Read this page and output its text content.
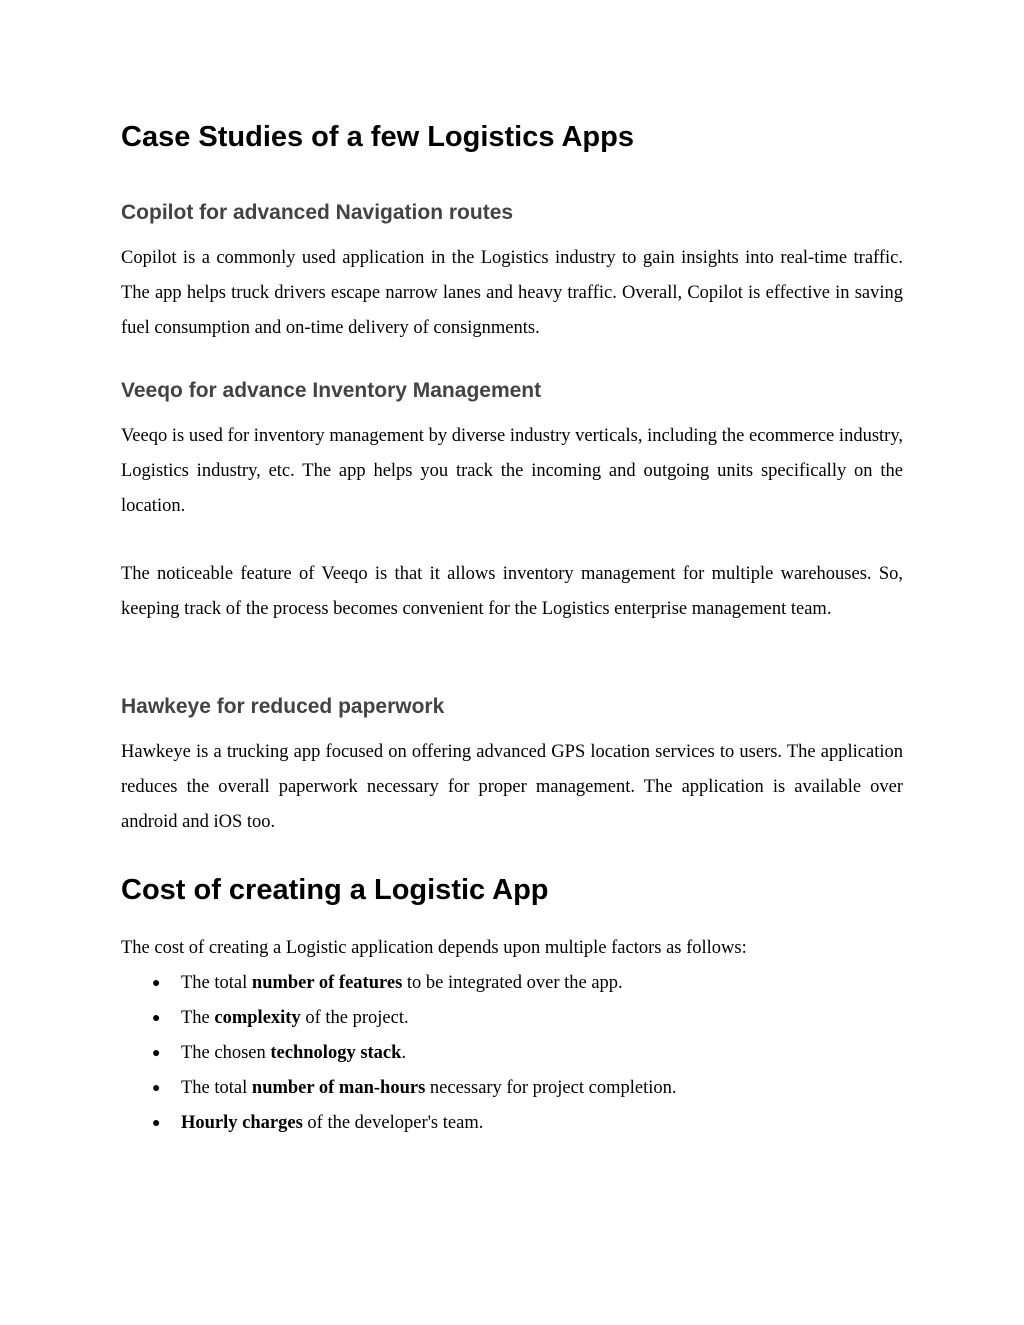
Case Studies of a few Logistics Apps
Copilot for advanced Navigation routes

Copilot is a commonly used application in the Logistics industry to gain insights into real-time traffic. The app helps truck drivers escape narrow lanes and heavy traffic. Overall, Copilot is effective in saving fuel consumption and on-time delivery of consignments.

Veeqo for advance Inventory Management

Veeqo is used for inventory management by diverse industry verticals, including the ecommerce industry, Logistics industry, etc. The app helps you track the incoming and outgoing units specifically on the location.

The noticeable feature of Veeqo is that it allows inventory management for multiple warehouses. So, keeping track of the process becomes convenient for the Logistics enterprise management team.

Hawkeye for reduced paperwork

Hawkeye is a trucking app focused on offering advanced GPS location services to users. The application reduces the overall paperwork necessary for proper management. The application is available over android and iOS too.

Cost of creating a Logistic App

The cost of creating a Logistic application depends upon multiple factors as follows:

● The total number of features to be integrated over the app.
● The complexity of the project.
● The chosen technology stack.
● The total number of man-hours necessary for project completion.
● Hourly charges of the developer's team.
